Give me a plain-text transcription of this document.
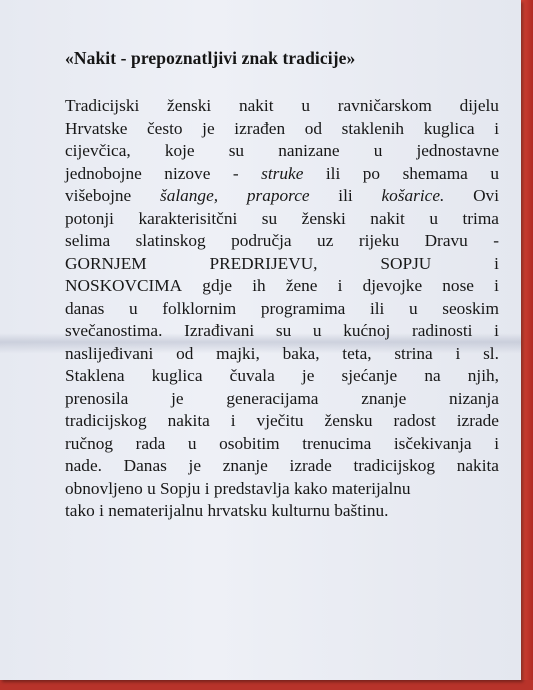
«Nakit - prepoznatljivi znak tradicije»
Tradicijski ženski nakit u ravničarskom dijelu
Hrvatske često je izrađen od staklenih kuglica i
cijevčica, koje su nanizane u jednostavne
jednobojne nizove - struke ili po shemama u
višebojne šalange, praporce ili košarice. Ovi
potonji karakterisitčni su ženski nakit u trima
selima slatinskog područja uz rijeku Dravu -
GORNJEM	PREDRIJEVU,	SOPJU	i
NOSKOVCIMA gdje ih žene i djevojke nose i
danas u folklornim programima ili u seoskim
svečanostima. Izrađivani su u kućnoj radinosti i
naslijeđivani od majki, baka, teta, strina i sl.
Staklena kuglica čuvala je sjećanje na njih,
prenosila je generacijama znanje nizanja
tradicijskog nakita i vječitu žensku radost izrade
ručnog rada u osobitim trenucima isčekivanja i
nade. Danas je znanje izrade tradicijskog nakita
obnovljeno u Sopju i predstavlja kako materijalnu
tako i nematerijalnu hrvatsku kulturnu baštinu.
